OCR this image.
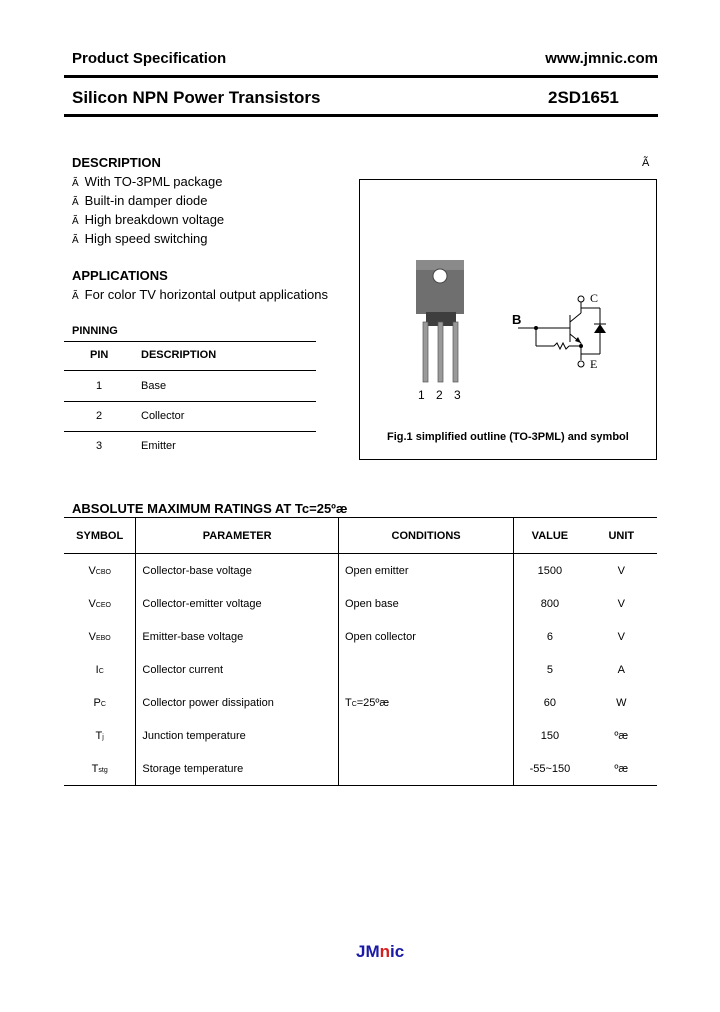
Product Specification	www.jmnic.com
Silicon NPN Power Transistors	2SD1651
Ã
DESCRIPTION
Ã With TO-3PML package
Ã Built-in damper diode
Ã High breakdown voltage
Ã High speed switching
APPLICATIONS
Ã For color TV horizontal output applications
PINNING
PIN	DESCRIPTION
1	Base
2	Collector
3	Emitter
1 2 3
B
C
E
Fig.1 simplified outline (TO-3PML) and symbol
ABSOLUTE MAXIMUM RATINGS AT Tc=25ºæ
SYMBOL	PARAMETER	CONDITIONS	VALUE	UNIT
VCBO	Collector-base voltage	Open emitter	1500	V
VCEO	Collector-emitter voltage	Open base	800	V
VEBO	Emitter-base voltage	Open collector	6	V
IC	Collector current		5	A
PC	Collector power dissipation	TC=25ºæ	60	W
Tj	Junction temperature		150	ºæ
Tstg	Storage temperature		-55~150	ºæ
JMnic
